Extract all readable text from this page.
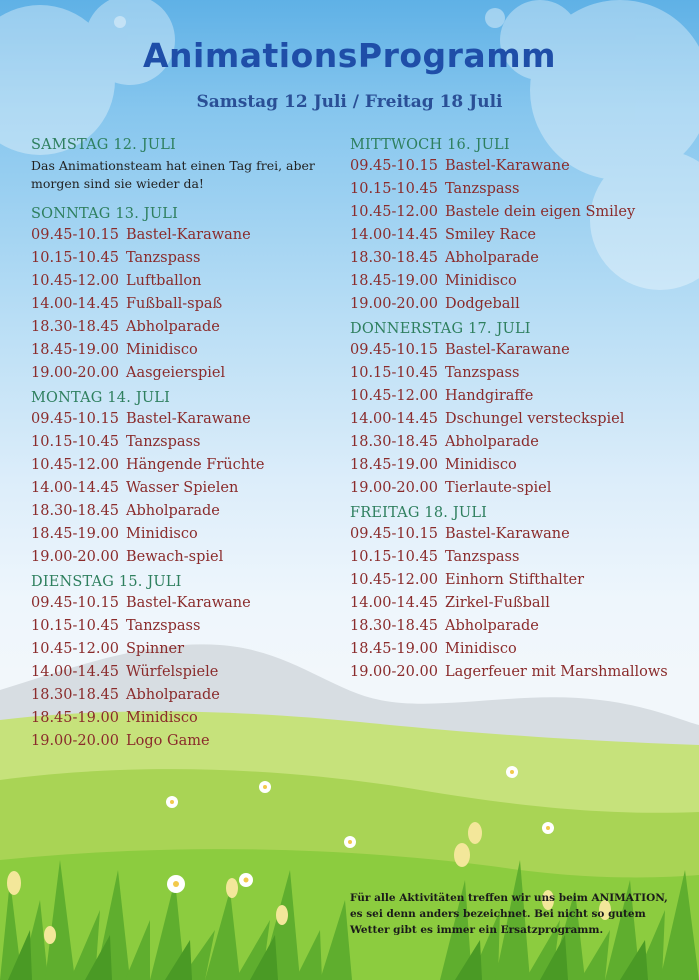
AnimationsProgramm
Samstag 12 Juli / Freitag 18 Juli
SAMSTAG 12. JULI
Das Animationsteam hat einen Tag frei, aber morgen sind sie wieder da!
SONNTAG 13. JULI
09.45-10.15 Bastel-Karawane
10.15-10.45 Tanzspass
10.45-12.00 Luftballon
14.00-14.45 Fußball-spaß
18.30-18.45 Abholparade
18.45-19.00 Minidisco
19.00-20.00 Aasgeierspiel
MONTAG 14. JULI
09.45-10.15 Bastel-Karawane
10.15-10.45 Tanzspass
10.45-12.00 Hängende Früchte
14.00-14.45 Wasser Spielen
18.30-18.45 Abholparade
18.45-19.00 Minidisco
19.00-20.00 Bewach-spiel
DIENSTAG 15. JULI
09.45-10.15 Bastel-Karawane
10.15-10.45 Tanzspass
10.45-12.00 Spinner
14.00-14.45 Würfelspiele
18.30-18.45 Abholparade
18.45-19.00 Minidisco
19.00-20.00 Logo Game
MITTWOCH 16. JULI
09.45-10.15 Bastel-Karawane
10.15-10.45 Tanzspass
10.45-12.00 Bastele dein eigen Smiley
14.00-14.45 Smiley Race
18.30-18.45 Abholparade
18.45-19.00 Minidisco
19.00-20.00 Dodgeball
DONNERSTAG 17. JULI
09.45-10.15 Bastel-Karawane
10.15-10.45 Tanzspass
10.45-12.00 Handgiraffe
14.00-14.45 Dschungel versteckspiel
18.30-18.45 Abholparade
18.45-19.00 Minidisco
19.00-20.00 Tierlaute-spiel
FREITAG 18. JULI
09.45-10.15 Bastel-Karawane
10.15-10.45 Tanzspass
10.45-12.00 Einhorn Stifthalter
14.00-14.45 Zirkel-Fußball
18.30-18.45 Abholparade
18.45-19.00 Minidisco
19.00-20.00 Lagerfeuer mit Marshmallows
Für alle Aktivitäten treffen wir uns beim ANIMATION, es sei denn anders bezeichnet. Bei nicht so gutem Wetter gibt es immer ein Ersatzprogramm.
